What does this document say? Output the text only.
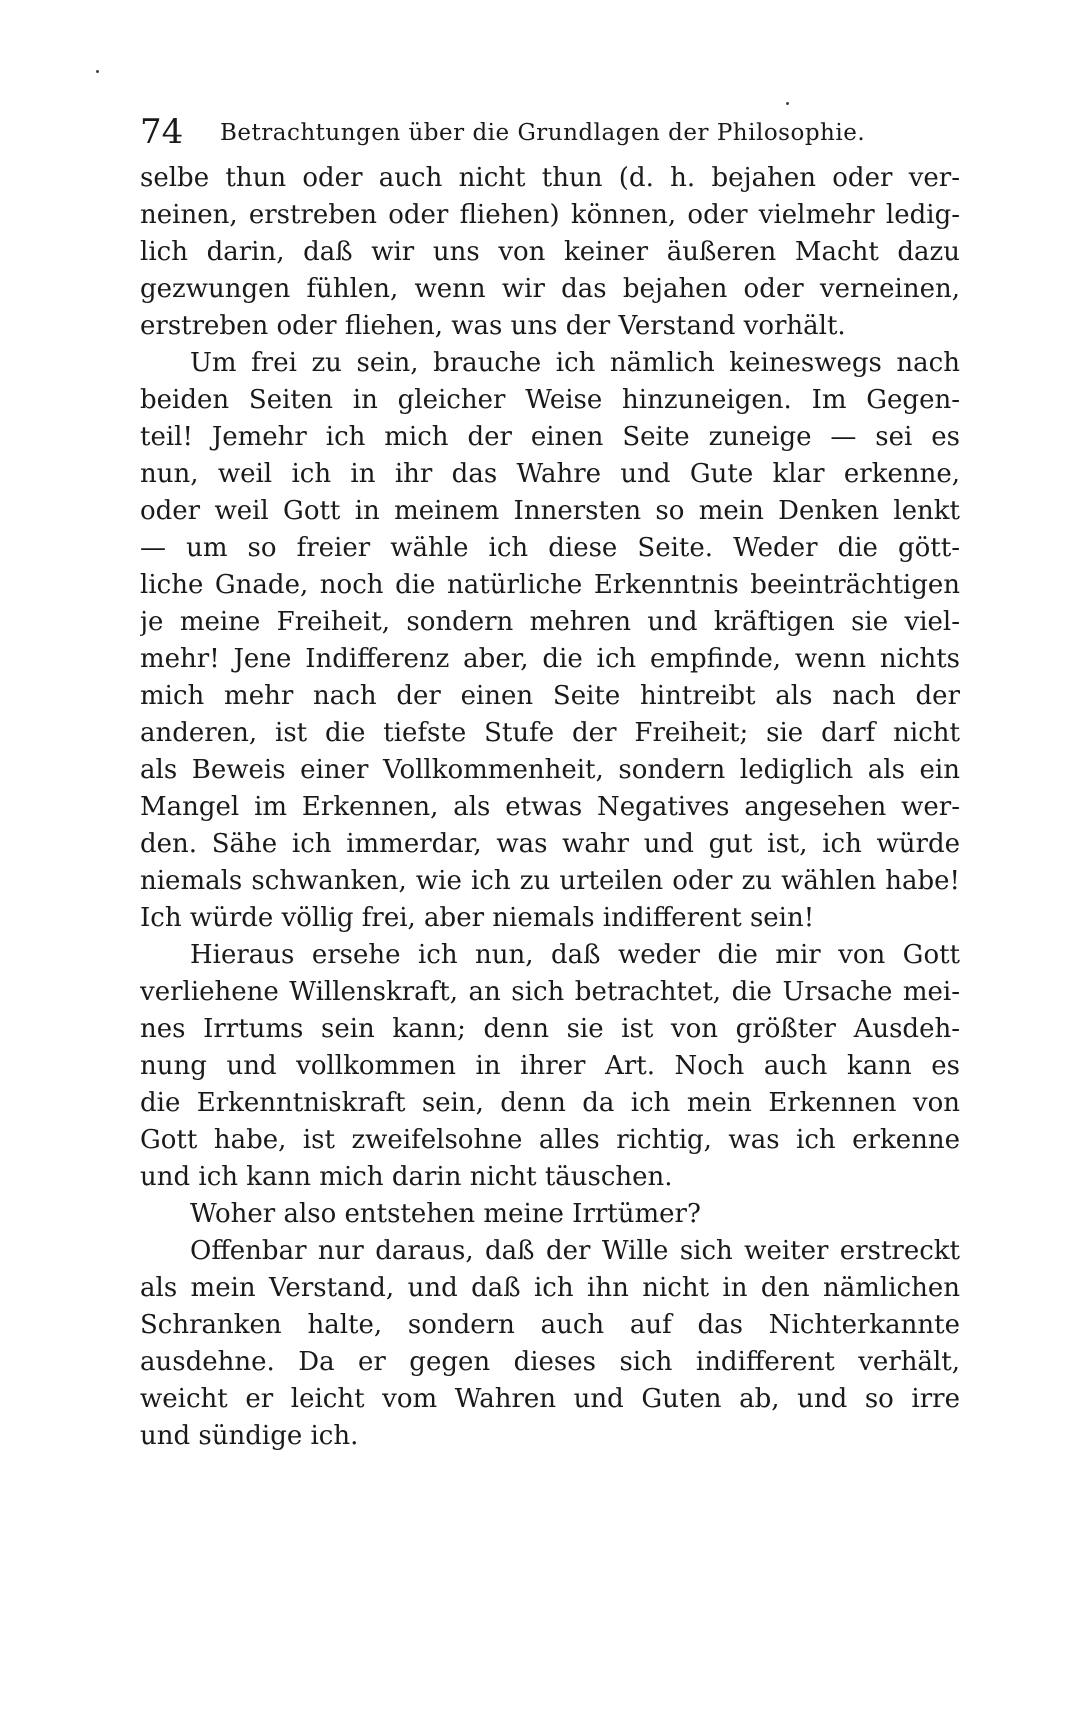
74 Betrachtungen über die Grundlagen der Philosophie.
selbe thun oder auch nicht thun (d. h. bejahen oder ver-
neinen, erstreben oder fliehen) können, oder vielmehr ledig-
lich darin, daß wir uns von keiner äußeren Macht dazu
gezwungen fühlen, wenn wir das bejahen oder verneinen,
erstreben oder fliehen, was uns der Verstand vorhält.
Um frei zu sein, brauche ich nämlich keineswegs nach
beiden Seiten in gleicher Weise hinzuneigen. Im Gegen-
teil! Jemehr ich mich der einen Seite zuneige — sei es
nun, weil ich in ihr das Wahre und Gute klar erkenne,
oder weil Gott in meinem Innersten so mein Denken lenkt
— um so freier wähle ich diese Seite. Weder die gött-
liche Gnade, noch die natürliche Erkenntnis beeinträchtigen
je meine Freiheit, sondern mehren und kräftigen sie viel-
mehr! Jene Indifferenz aber, die ich empfinde, wenn nichts
mich mehr nach der einen Seite hintreibt als nach der
anderen, ist die tiefste Stufe der Freiheit; sie darf nicht
als Beweis einer Vollkommenheit, sondern lediglich als ein
Mangel im Erkennen, als etwas Negatives angesehen wer-
den. Sähe ich immerdar, was wahr und gut ist, ich würde
niemals schwanken, wie ich zu urteilen oder zu wählen habe!
Ich würde völlig frei, aber niemals indifferent sein!
Hieraus ersehe ich nun, daß weder die mir von Gott
verliehene Willenskraft, an sich betrachtet, die Ursache mei-
nes Irrtums sein kann; denn sie ist von größter Ausdeh-
nung und vollkommen in ihrer Art. Noch auch kann es
die Erkenntniskraft sein, denn da ich mein Erkennen von
Gott habe, ist zweifelsohne alles richtig, was ich erkenne
und ich kann mich darin nicht täuschen.
Woher also entstehen meine Irrtümer?
Offenbar nur daraus, daß der Wille sich weiter erstreckt
als mein Verstand, und daß ich ihn nicht in den nämlichen
Schranken halte, sondern auch auf das Nichterkannte
ausdehne. Da er gegen dieses sich indifferent verhält,
weicht er leicht vom Wahren und Guten ab, und so irre
und sündige ich.
